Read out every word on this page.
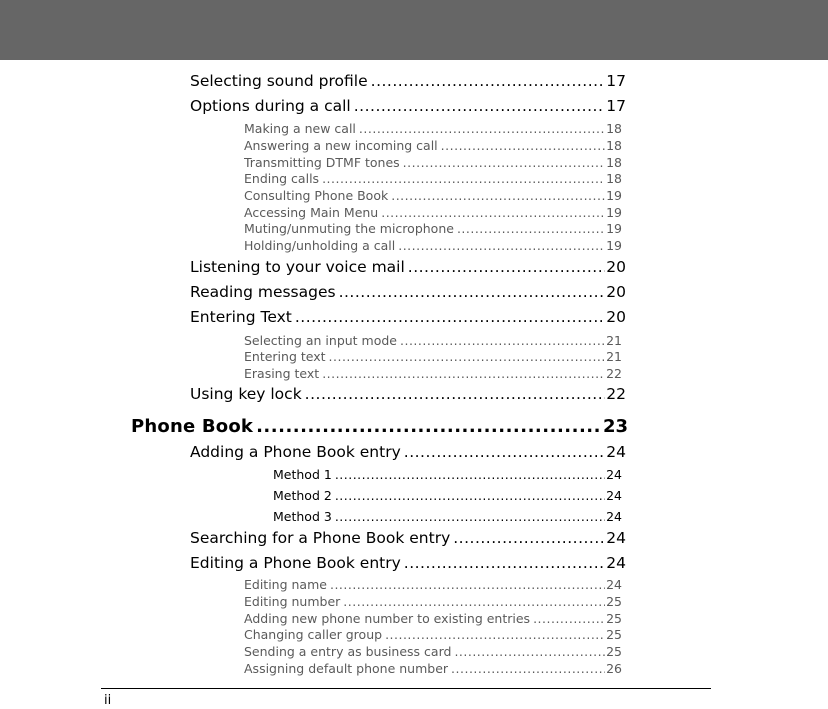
Selecting sound profile .....	17
Options during a call .....	17
Making a new call .....	18
Answering a new incoming call .....	18
Transmitting DTMF tones .....	18
Ending calls .....	18
Consulting Phone Book .....	19
Accessing Main Menu .....	19
Muting/unmuting the microphone .....	19
Holding/unholding a call .....	19
Listening to your voice mail .....	20
Reading messages .....	20
Entering Text .....	20
Selecting an input mode .....	21
Entering text .....	21
Erasing text .....	22
Using key lock .....	22
Phone Book .....	23
Adding a Phone Book entry .....	24
Method 1 .....	24
Method 2 .....	24
Method 3 .....	24
Searching for a Phone Book entry .....	24
Editing a Phone Book entry .....	24
Editing name .....	24
Editing number .....	25
Adding new phone number to existing entries .....	25
Changing caller group .....	25
Sending a entry as business card .....	25
Assigning default phone number .....	26
ii
